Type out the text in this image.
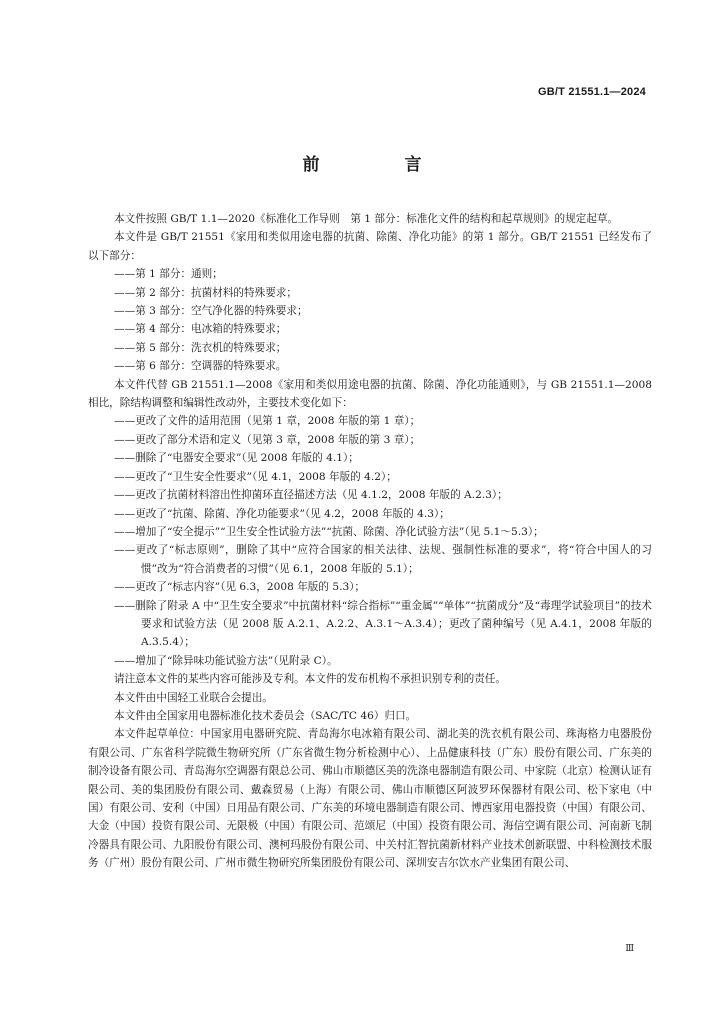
GB/T 21551.1—2024
前　言

本文件按照 GB/T 1.1—2020《标准化工作导则　第 1 部分：标准化文件的结构和起草规则》的规定起草。

本文件是 GB/T 21551《家用和类似用途电器的抗菌、除菌、净化功能》的第 1 部分。GB/T 21551 已经发布了以下部分：

——第 1 部分：通则；

——第 2 部分：抗菌材料的特殊要求；

——第 3 部分：空气净化器的特殊要求；

——第 4 部分：电冰箱的特殊要求；

——第 5 部分：洗衣机的特殊要求；

——第 6 部分：空调器的特殊要求。

本文件代替 GB 21551.1—2008《家用和类似用途电器的抗菌、除菌、净化功能通则》，与 GB 21551.1—2008 相比，除结构调整和编辑性改动外，主要技术变化如下：

——更改了文件的适用范围（见第 1 章，2008 年版的第 1 章）；

——更改了部分术语和定义（见第 3 章，2008 年版的第 3 章）；

——删除了“电器安全要求”（见 2008 年版的 4.1）；

——更改了“卫生安全性要求”（见 4.1，2008 年版的 4.2）；

——更改了抗菌材料溶出性抑菌环直径描述方法（见 4.1.2，2008 年版的 A.2.3）；

——更改了“抗菌、除菌、净化功能要求”（见 4.2，2008 年版的 4.3）；

——增加了“安全提示”“卫生安全性试验方法”“抗菌、除菌、净化试验方法”（见 5.1～5.3）；

——更改了“标志原则”，删除了其中“应符合国家的相关法律、法规、强制性标准的要求”，将“符合中国人的习惯”改为“符合消费者的习惯”（见 6.1，2008 年版的 5.1）；

——更改了“标志内容”（见 6.3，2008 年版的 5.3）；

——删除了附录 A 中“卫生安全要求”中抗菌材料“综合指标”“重金属”“单体”“抗菌成分”及“毒理学试验项目”的技术要求和试验方法（见 2008 版 A.2.1、A.2.2、A.3.1～A.3.4）；更改了菌种编号（见 A.4.1，2008 年版的 A.3.5.4）；

——增加了“除异味功能试验方法”（见附录 C）。

请注意本文件的某些内容可能涉及专利。本文件的发布机构不承担识别专利的责任。

本文件由中国轻工业联合会提出。

本文件由全国家用电器标准化技术委员会（SAC/TC 46）归口。

本文件起草单位：中国家用电器研究院、青岛海尔电冰箱有限公司、湖北美的洗衣机有限公司、珠海格力电器股份有限公司、广东省科学院微生物研究所（广东省微生物分析检测中心）、上品健康科技（广东）股份有限公司、广东美的制冷设备有限公司、青岛海尔空调器有限总公司、佛山市顺德区美的洗涤电器制造有限公司、中家院（北京）检测认证有限公司、美的集团股份有限公司、戴森贸易（上海）有限公司、佛山市顺德区阿波罗环保器材有限公司、松下家电（中国）有限公司、安利（中国）日用品有限公司、广东美的环境电器制造有限公司、博西家用电器投资（中国）有限公司、大金（中国）投资有限公司、无限极（中国）有限公司、范颂尼（中国）投资有限公司、海信空调有限公司、河南新飞制冷器具有限公司、九阳股份有限公司、澳柯玛股份有限公司、中关村汇智抗菌新材料产业技术创新联盟、中科检测技术服务（广州）股份有限公司、广州市微生物研究所集团股份有限公司、深圳安吉尔饮水产业集团有限公司、

Ⅲ
